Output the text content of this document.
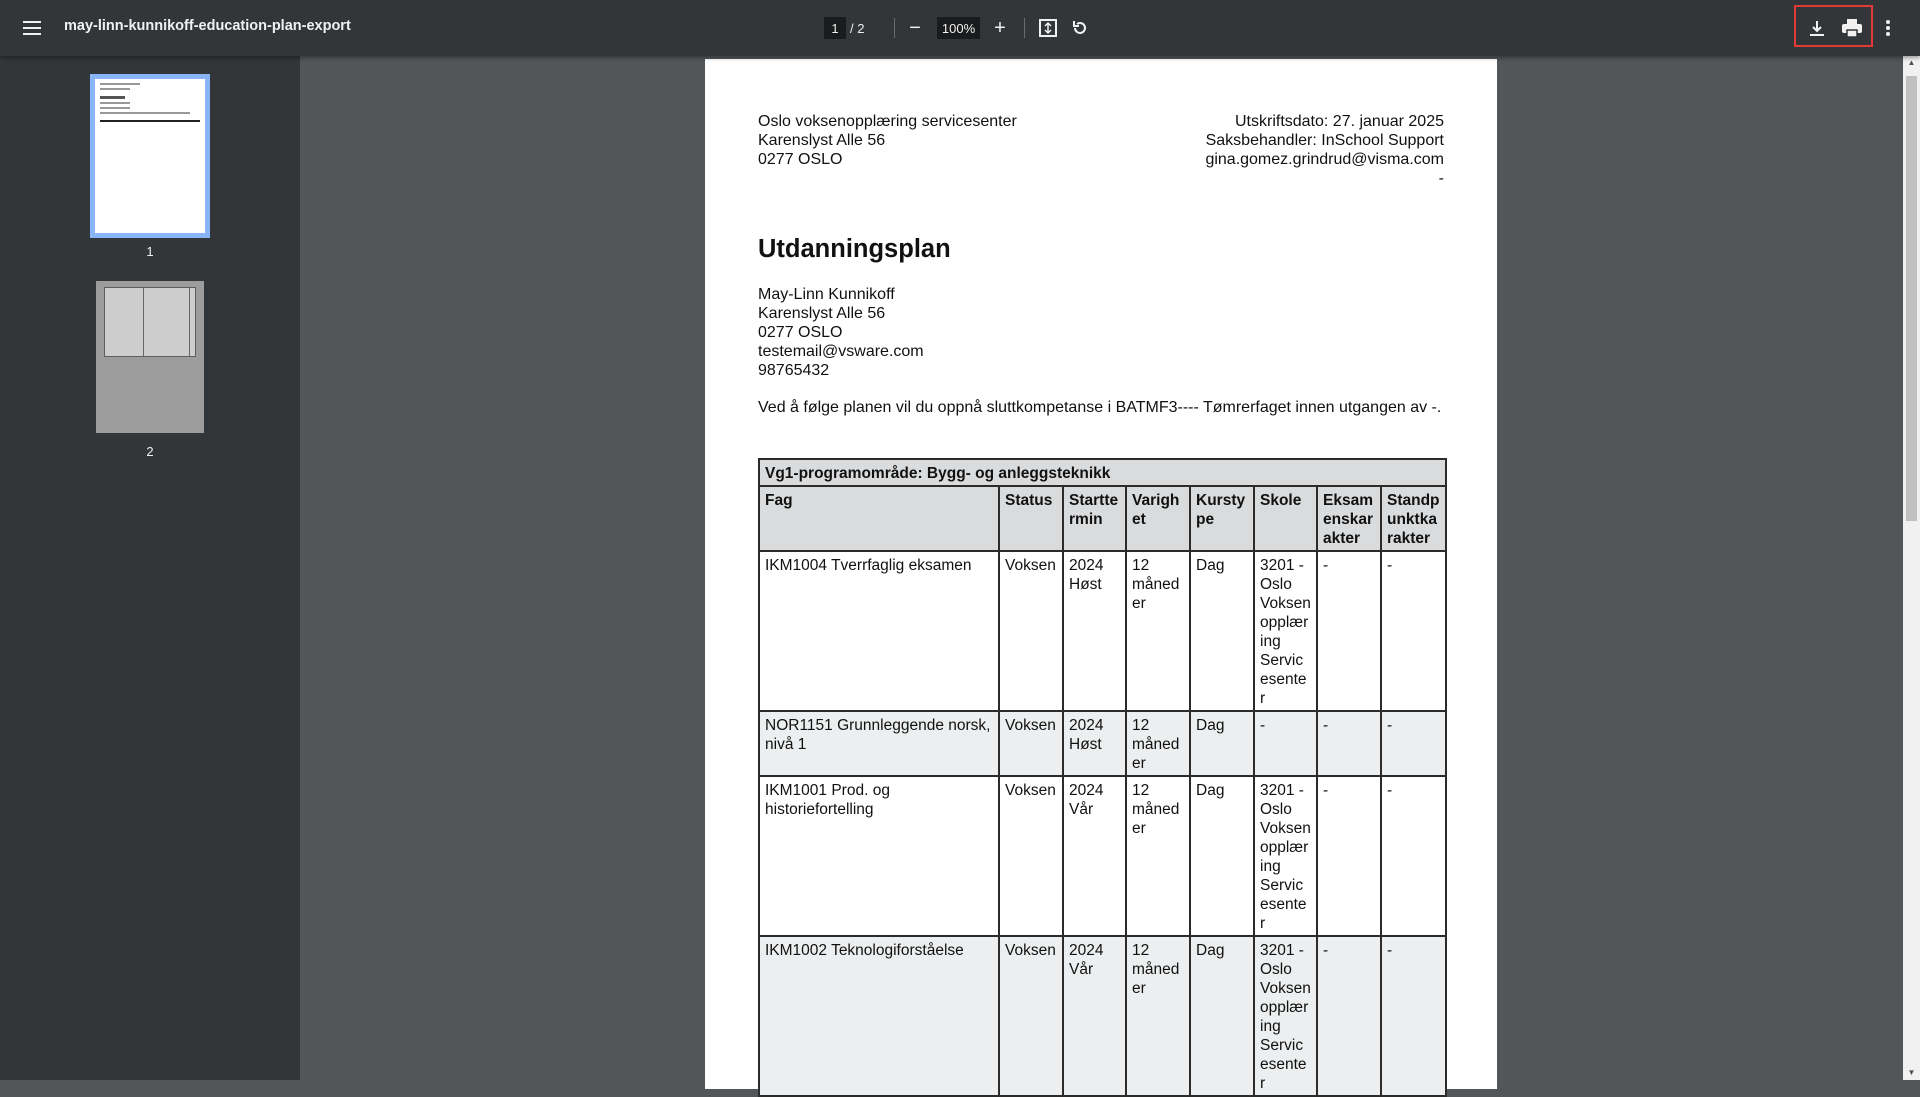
may-linn-kunnikoff-education-plan-export	1 / 2	−	100% +
1
2
Oslo voksenopplæring servicesenter
Karenslyst Alle 56
0277 OSLO
Utskriftsdato: 27. januar 2025
Saksbehandler: InSchool Support
gina.gomez.grindrud@visma.com
-
Utdanningsplan
May-Linn Kunnikoff
Karenslyst Alle 56
0277 OSLO
testemail@vsware.com
98765432
Ved å følge planen vil du oppnå sluttkompetanse i BATMF3---- Tømrerfaget innen utgangen av -.
Vg1-programområde: Bygg- og anleggsteknikk							
Fag	Status	Starttermin	Varighet	Kurstype	Skole	Eksamenskarakter	Standpunktkarakter
IKM1004 Tverrfaglig eksamen	Voksen	2024 Høst	12 måneder	Dag	3201 - Oslo Voksenopplæring Servicesenter	-	-
NOR1151 Grunnleggende norsk, nivå 1	Voksen	2024 Høst	12 måneder	Dag	-	-	-
IKM1001 Prod. og historiefortelling	Voksen	2024 Vår	12 måneder	Dag	3201 - Oslo Voksenopplæring Servicesenter	-	-
IKM1002 Teknologiforståelse	Voksen	2024 Vår	12 måneder	Dag	3201 - Oslo Voksenopplæring Servicesenter	-	-
▲
▼
